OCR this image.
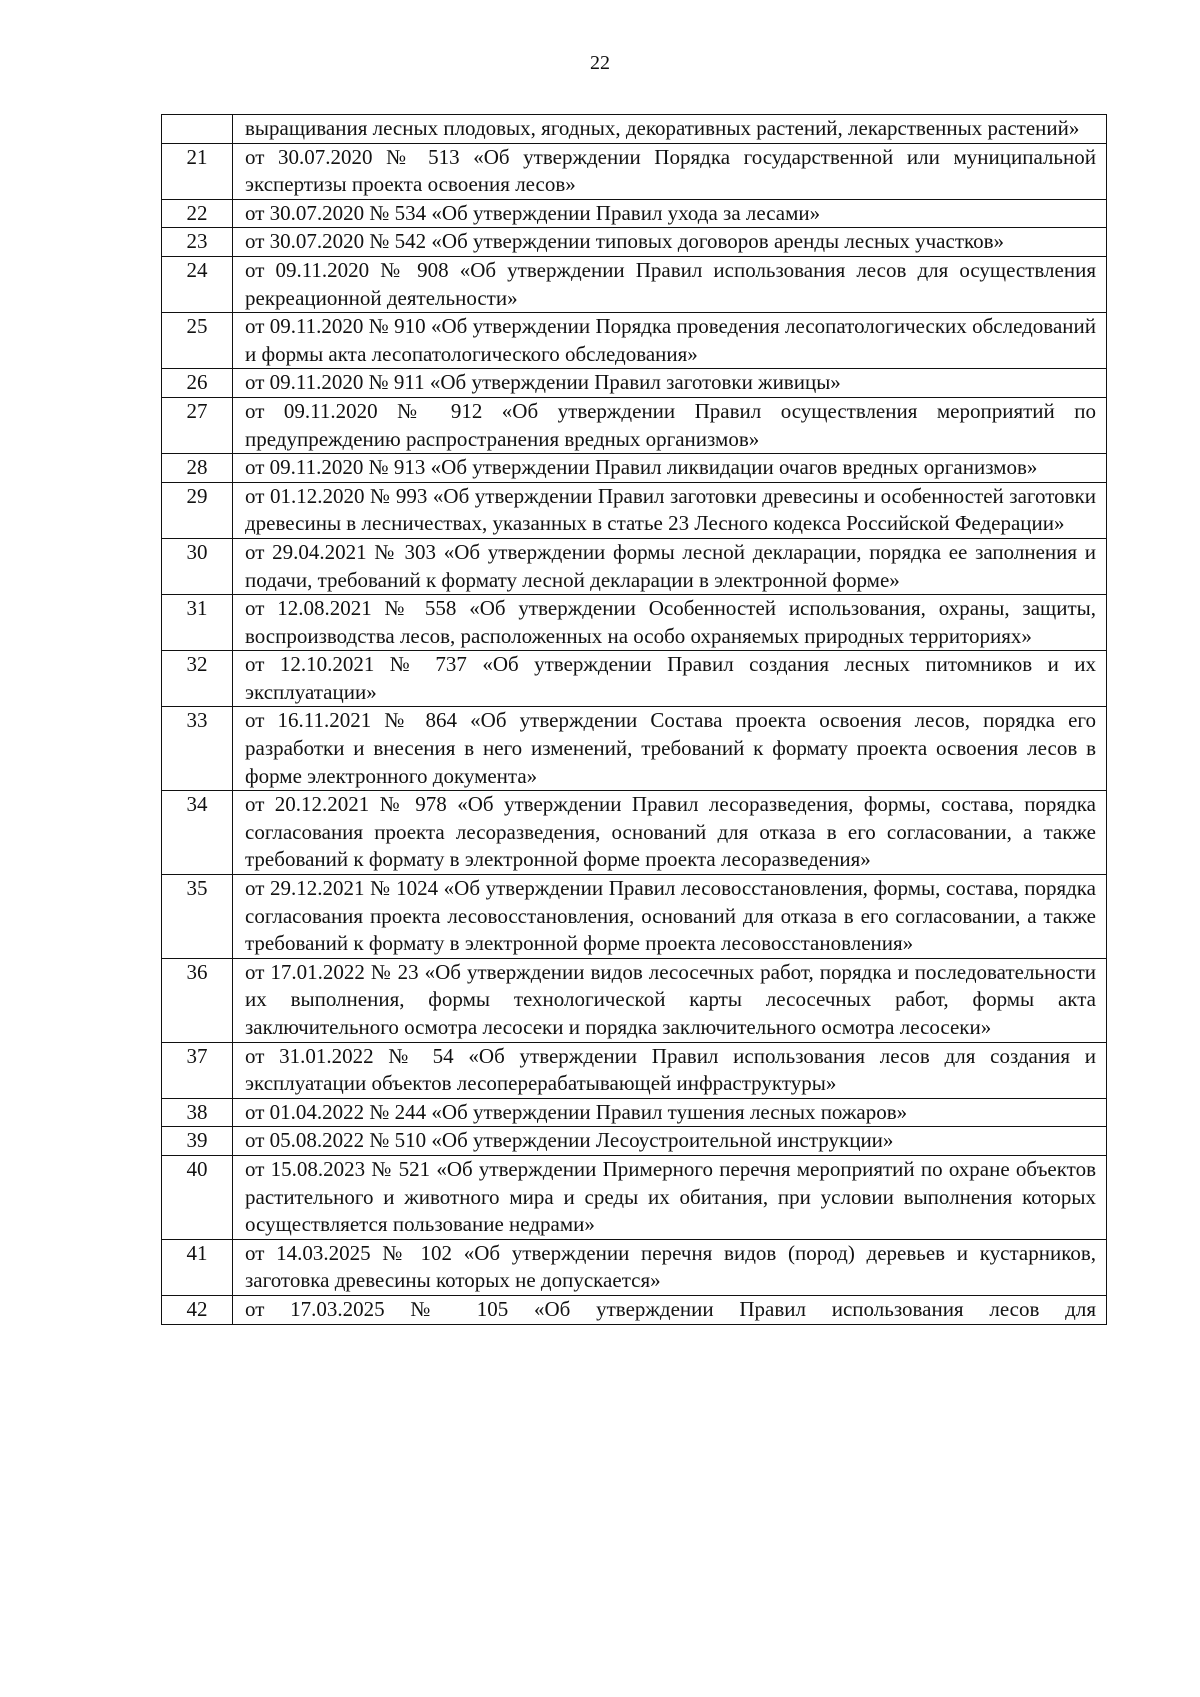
22
	выращивания лесных плодовых, ягодных, декоративных растений, лекарственных растений»
21	от 30.07.2020 № 513 «Об утверждении Порядка государственной или муниципальной экспертизы проекта освоения лесов»
22	от 30.07.2020 № 534 «Об утверждении Правил ухода за лесами»
23	от 30.07.2020 № 542 «Об утверждении типовых договоров аренды лесных участков»
24	от 09.11.2020 № 908 «Об утверждении Правил использования лесов для осуществления рекреационной деятельности»
25	от 09.11.2020 № 910 «Об утверждении Порядка проведения лесопатологических обследований и формы акта лесопатологического обследования»
26	от 09.11.2020 № 911 «Об утверждении Правил заготовки живицы»
27	от 09.11.2020 № 912 «Об утверждении Правил осуществления мероприятий по предупреждению распространения вредных организмов»
28	от 09.11.2020 № 913 «Об утверждении Правил ликвидации очагов вредных организмов»
29	от 01.12.2020 № 993 «Об утверждении Правил заготовки древесины и особенностей заготовки древесины в лесничествах, указанных в статье 23 Лесного кодекса Российской Федерации»
30	от 29.04.2021 № 303 «Об утверждении формы лесной декларации, порядка ее заполнения и подачи, требований к формату лесной декларации в электронной форме»
31	от 12.08.2021 № 558 «Об утверждении Особенностей использования, охраны, защиты, воспроизводства лесов, расположенных на особо охраняемых природных территориях»
32	от 12.10.2021 № 737 «Об утверждении Правил создания лесных питомников и их эксплуатации»
33	от 16.11.2021 № 864 «Об утверждении Состава проекта освоения лесов, порядка его разработки и внесения в него изменений, требований к формату проекта освоения лесов в форме электронного документа»
34	от 20.12.2021 № 978 «Об утверждении Правил лесоразведения, формы, состава, порядка согласования проекта лесоразведения, оснований для отказа в его согласовании, а также требований к формату в электронной форме проекта лесоразведения»
35	от 29.12.2021 № 1024 «Об утверждении Правил лесовосстановления, формы, состава, порядка согласования проекта лесовосстановления, оснований для отказа в его согласовании, а также требований к формату в электронной форме проекта лесовосстановления»
36	от 17.01.2022 № 23 «Об утверждении видов лесосечных работ, порядка и последовательности их выполнения, формы технологической карты лесосечных работ, формы акта заключительного осмотра лесосеки и порядка заключительного осмотра лесосеки»
37	от 31.01.2022 № 54 «Об утверждении Правил использования лесов для создания и эксплуатации объектов лесоперерабатывающей инфраструктуры»
38	от 01.04.2022 № 244 «Об утверждении Правил тушения лесных пожаров»
39	от 05.08.2022 № 510 «Об утверждении Лесоустроительной инструкции»
40	от 15.08.2023 № 521 «Об утверждении Примерного перечня мероприятий по охране объектов растительного и животного мира и среды их обитания, при условии выполнения которых осуществляется пользование недрами»
41	от 14.03.2025 № 102 «Об утверждении перечня видов (пород) деревьев и кустарников, заготовка древесины которых не допускается»
42	от 17.03.2025 № 105 «Об утверждении Правил использования лесов для
